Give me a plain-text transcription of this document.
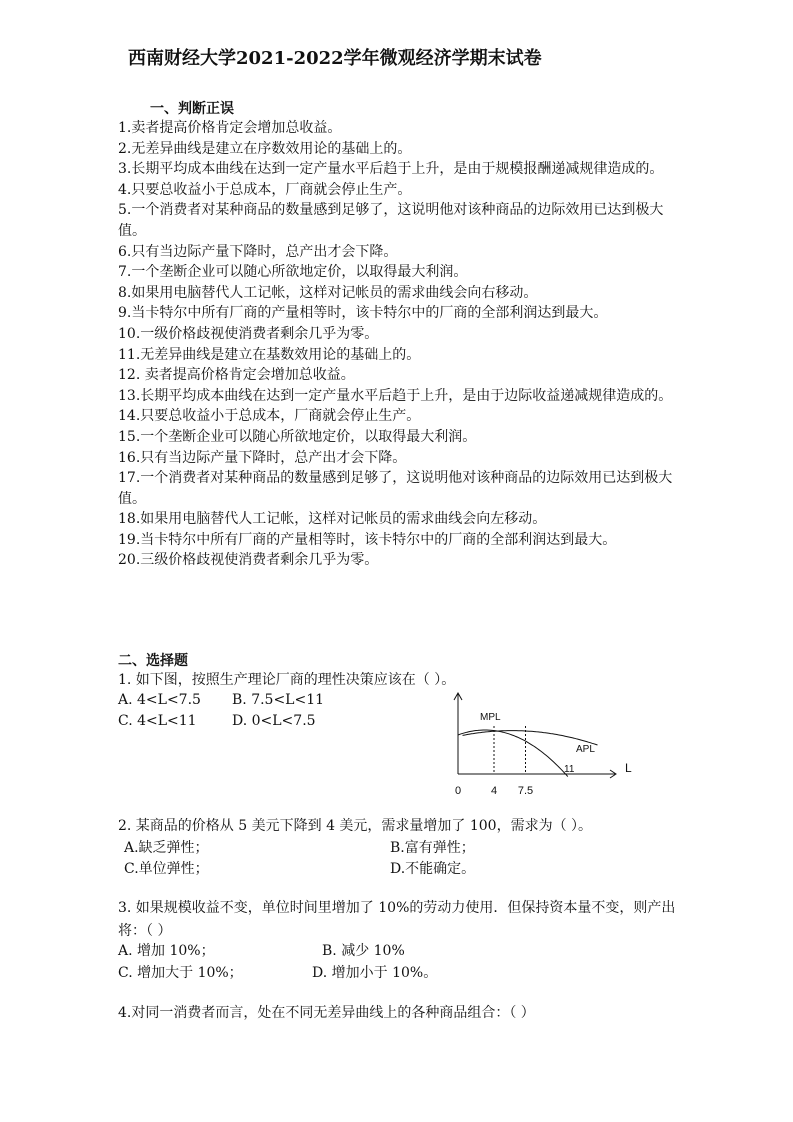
西南财经大学2021-2022学年微观经济学期末试卷
一、判断正误
1.卖者提高价格肯定会增加总收益。
2.无差异曲线是建立在序数效用论的基础上的。
3.长期平均成本曲线在达到一定产量水平后趋于上升，是由于规模报酬递减规律造成的。
4.只要总收益小于总成本，厂商就会停止生产。
5.一个消费者对某种商品的数量感到足够了，这说明他对该种商品的边际效用已达到极大值。
6.只有当边际产量下降时，总产出才会下降。
7.一个垄断企业可以随心所欲地定价，以取得最大利润。
8.如果用电脑替代人工记帐，这样对记帐员的需求曲线会向右移动。
9.当卡特尔中所有厂商的产量相等时，该卡特尔中的厂商的全部利润达到最大。
10.一级价格歧视使消费者剩余几乎为零。
11.无差异曲线是建立在基数效用论的基础上的。
12. 卖者提高价格肯定会增加总收益。
13.长期平均成本曲线在达到一定产量水平后趋于上升，是由于边际收益递减规律造成的。
14.只要总收益小于总成本，厂商就会停止生产。
15.一个垄断企业可以随心所欲地定价，以取得最大利润。
16.只有当边际产量下降时，总产出才会下降。
17.一个消费者对某种商品的数量感到足够了，这说明他对该种商品的边际效用已达到极大值。
18.如果用电脑替代人工记帐，这样对记帐员的需求曲线会向左移动。
19.当卡特尔中所有厂商的产量相等时，该卡特尔中的厂商的全部利润达到最大。
20.三级价格歧视使消费者剩余几乎为零。
二、选择题
1. 如下图，按照生产理论厂商的理性决策应该在（ ）。
A. 4<L<7.5 B. 7.5<L<11
C. 4<L<11	D. 0<L<7.5
0	4 7.5
L
MPL
APL
11
2. 某商品的价格从 5 美元下降到 4 美元，需求量增加了 100，需求为（ ）。
A.缺乏弹性；	B.富有弹性；
C.单位弹性；	D.不能确定。
3. 如果规模收益不变，单位时间里增加了 10%的劳动力使用．但保持资本量不变，则产出将：（ ）
A. 增加 10%；	B. 减少 10%
C. 增加大于 10%；	D. 增加小于 10%。
4.对同一消费者而言，处在不同无差异曲线上的各种商品组合：（ ）
